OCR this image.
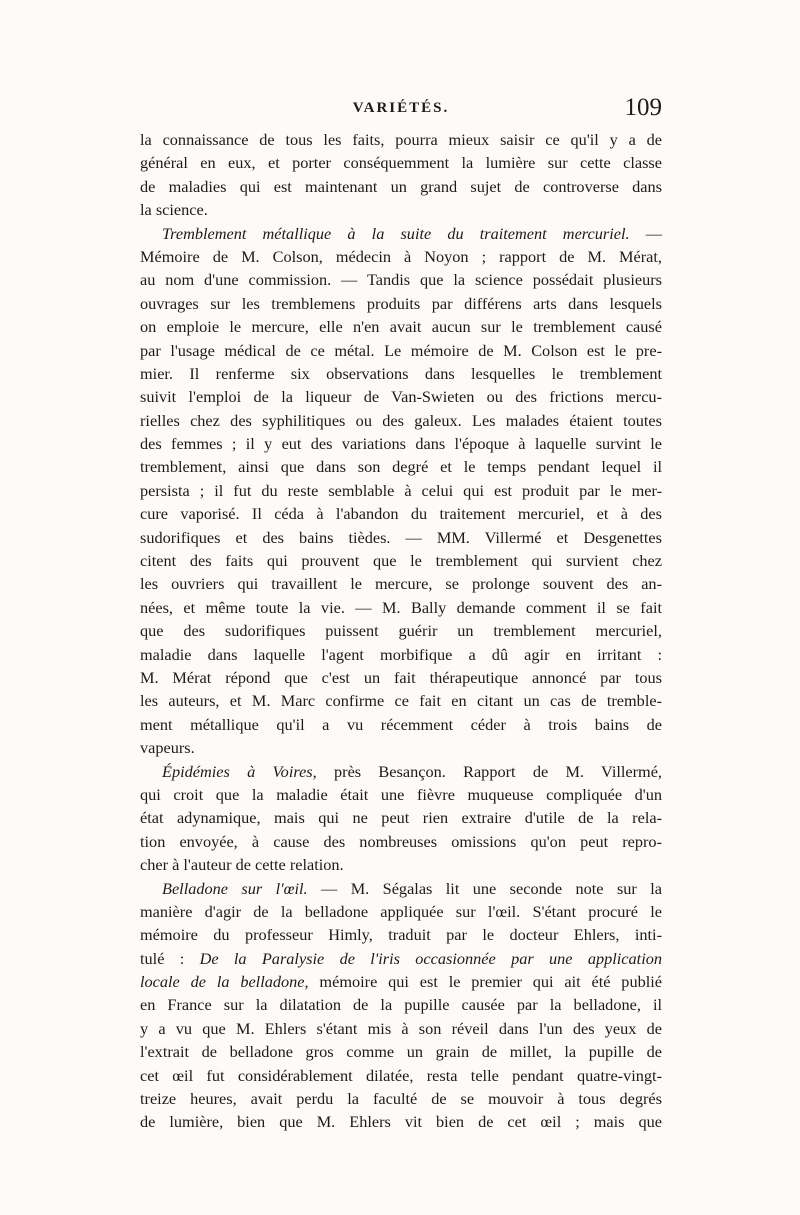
VARIÉTÉS.	109
la connaissance de tous les faits, pourra mieux saisir ce qu'il y a de
général en eux, et porter conséquemment la lumière sur cette classe
de maladies qui est maintenant un grand sujet de controverse dans
la science.
Tremblement métallique à la suite du traitement mercuriel. —
Mémoire de M. Colson, médecin à Noyon ; rapport de M. Mérat,
au nom d'une commission. — Tandis que la science possédait plusieurs
ouvrages sur les tremblemens produits par différens arts dans lesquels
on emploie le mercure, elle n'en avait aucun sur le tremblement causé
par l'usage médical de ce métal. Le mémoire de M. Colson est le pre-
mier. Il renferme six observations dans lesquelles le tremblement
suivit l'emploi de la liqueur de Van-Swieten ou des frictions mercu-
rielles chez des syphilitiques ou des galeux. Les malades étaient toutes
des femmes ; il y eut des variations dans l'époque à laquelle survint le
tremblement, ainsi que dans son degré et le temps pendant lequel il
persista ; il fut du reste semblable à celui qui est produit par le mer-
cure vaporisé. Il céda à l'abandon du traitement mercuriel, et à des
sudorifiques et des bains tièdes. — MM. Villermé et Desgenettes
citent des faits qui prouvent que le tremblement qui survient chez
les ouvriers qui travaillent le mercure, se prolonge souvent des an-
nées, et même toute la vie. — M. Bally demande comment il se fait
que des sudorifiques puissent guérir un tremblement mercuriel,
maladie dans laquelle l'agent morbifique a dû agir en irritant :
M. Mérat répond que c'est un fait thérapeutique annoncé par tous
les auteurs, et M. Marc confirme ce fait en citant un cas de tremble-
ment métallique qu'il a vu récemment céder à trois bains de
vapeurs.
Épidémies à Voires, près Besançon. Rapport de M. Villermé,
qui croit que la maladie était une fièvre muqueuse compliquée d'un
état adynamique, mais qui ne peut rien extraire d'utile de la rela-
tion envoyée, à cause des nombreuses omissions qu'on peut repro-
cher à l'auteur de cette relation.
Belladone sur l'œil. — M. Ségalas lit une seconde note sur la
manière d'agir de la belladone appliquée sur l'œil. S'étant procuré le
mémoire du professeur Himly, traduit par le docteur Ehlers, inti-
tulé : De la Paralysie de l'iris occasionnée par une application
locale de la belladone, mémoire qui est le premier qui ait été publié
en France sur la dilatation de la pupille causée par la belladone, il
y a vu que M. Ehlers s'étant mis à son réveil dans l'un des yeux de
l'extrait de belladone gros comme un grain de millet, la pupille de
cet œil fut considérablement dilatée, resta telle pendant quatre-vingt-
treize heures, avait perdu la faculté de se mouvoir à tous degrés
de lumière, bien que M. Ehlers vit bien de cet œil ; mais que
